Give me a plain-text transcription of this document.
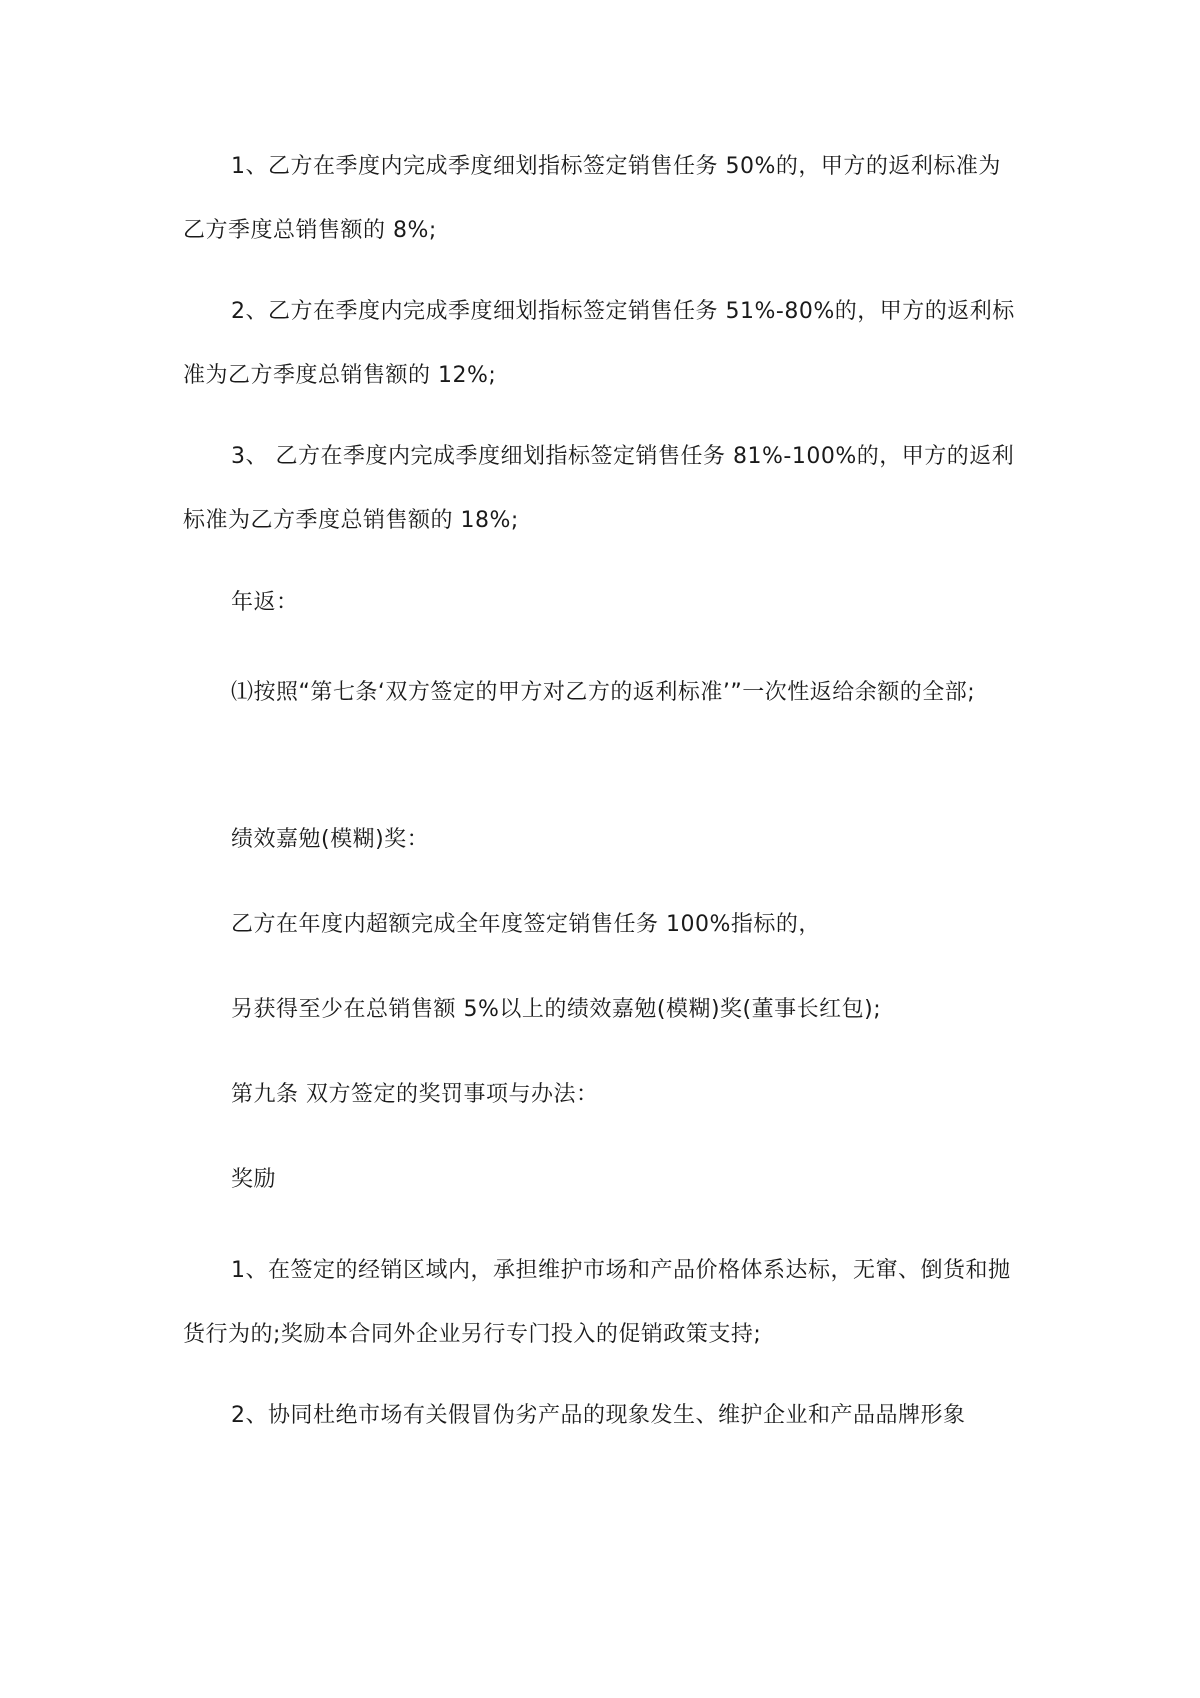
1、乙方在季度内完成季度细划指标签定销售任务 50%的，甲方的返利标准为乙方季度总销售额的 8%;
2、乙方在季度内完成季度细划指标签定销售任务 51%-80%的，甲方的返利标准为乙方季度总销售额的 12%;
3、 乙方在季度内完成季度细划指标签定销售任务 81%-100%的，甲方的返利标准为乙方季度总销售额的 18%;
年返：
⑴按照“第七条‘双方签定的甲方对乙方的返利标准’”一次性返给余额的全部;
绩效嘉勉(模糊)奖：
乙方在年度内超额完成全年度签定销售任务 100%指标的，
另获得至少在总销售额 5%以上的绩效嘉勉(模糊)奖(董事长红包);
第九条 双方签定的奖罚事项与办法：
奖励
1、在签定的经销区域内，承担维护市场和产品价格体系达标，无窜、倒货和抛货行为的;奖励本合同外企业另行专门投入的促销政策支持;
2、协同杜绝市场有关假冒伪劣产品的现象发生、维护企业和产品品牌形象
